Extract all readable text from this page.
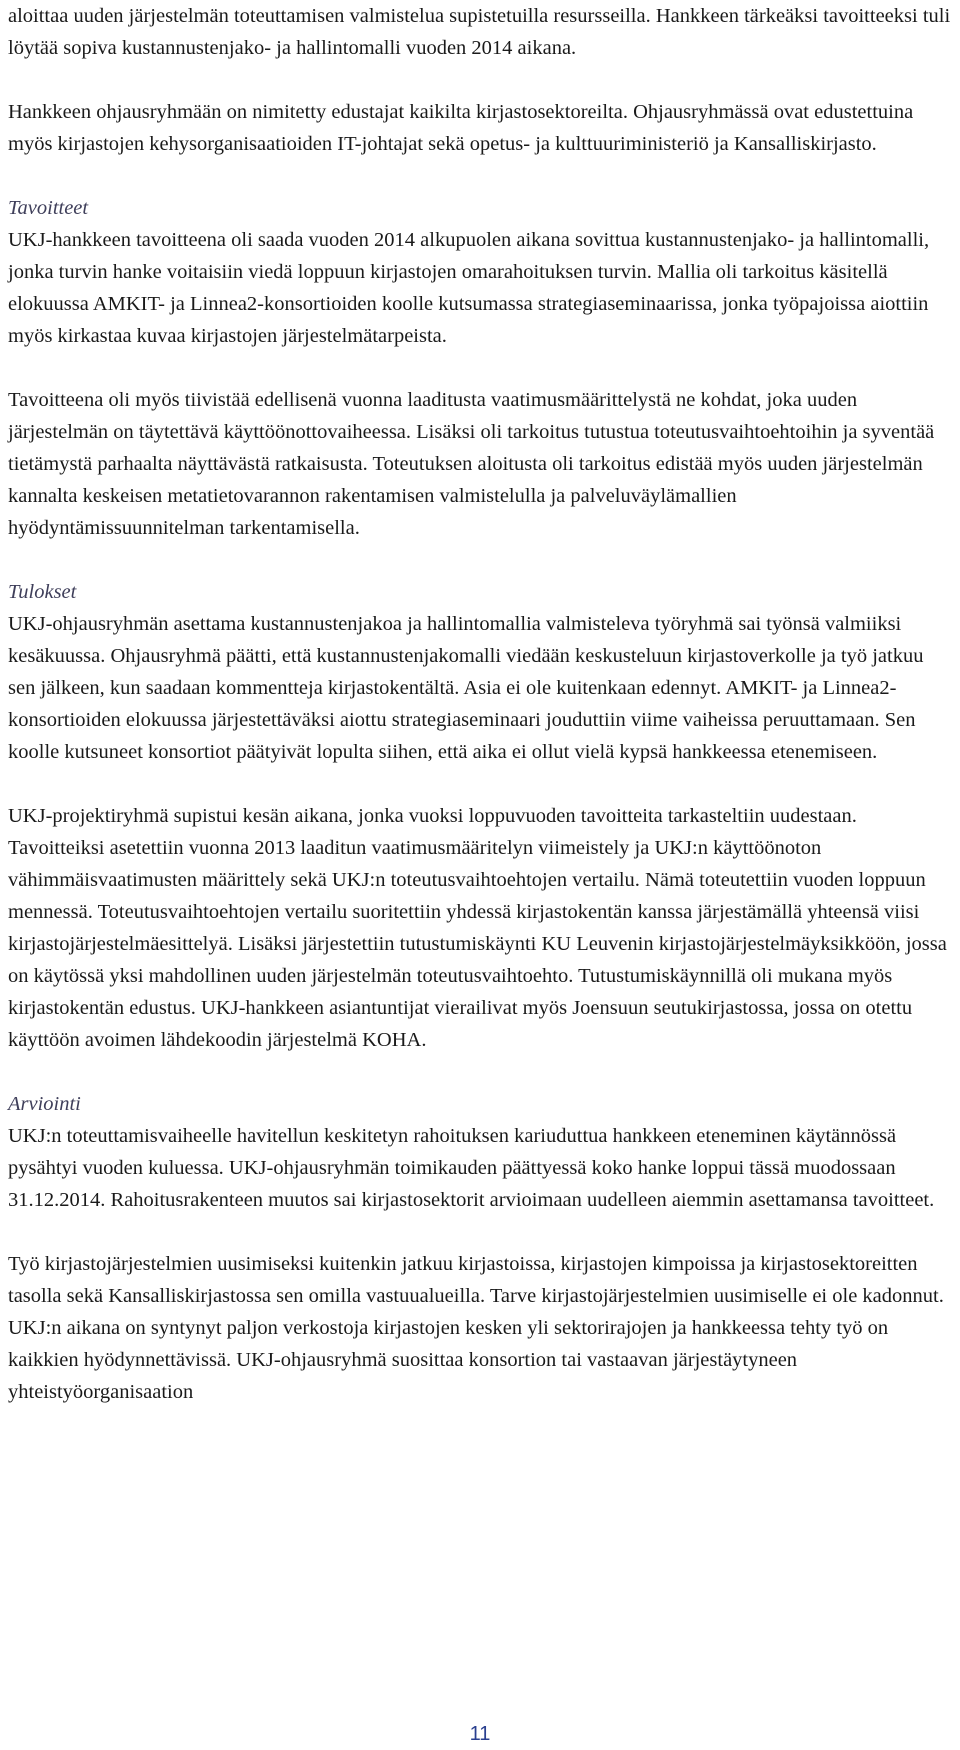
aloittaa uuden järjestelmän toteuttamisen valmistelua supistetuilla resursseilla. Hankkeen tärkeäksi tavoitteeksi tuli löytää sopiva kustannustenjako- ja hallintomalli vuoden 2014 aikana.

Hankkeen ohjausryhmään on nimitetty edustajat kaikilta kirjastosektoreilta. Ohjausryhmässä ovat edustettuina myös kirjastojen kehysorganisaatioiden IT-johtajat sekä opetus- ja kulttuuriministeriö ja Kansalliskirjasto.

Tavoitteet

UKJ-hankkeen tavoitteena oli saada vuoden 2014 alkupuolen aikana sovittua kustannustenjako- ja hallintomalli, jonka turvin hanke voitaisiin viedä loppuun kirjastojen omarahoituksen turvin. Mallia oli tarkoitus käsitellä elokuussa AMKIT- ja Linnea2-konsortioiden koolle kutsumassa strategiaseminaarissa, jonka työpajoissa aiottiin myös kirkastaa kuvaa kirjastojen järjestelmätarpeista.

Tavoitteena oli myös tiivistää edellisenä vuonna laaditusta vaatimusmäärittelystä ne kohdat, joka uuden järjestelmän on täytettävä käyttöönottovaiheessa. Lisäksi oli tarkoitus tutustua toteutusvaihtoehtoihin ja syventää tietämystä parhaalta näyttävästä ratkaisusta. Toteutuksen aloitusta oli tarkoitus edistää myös uuden järjestelmän kannalta keskeisen metatietovarannon rakentamisen valmistelulla ja palveluväylämallien hyödyntämissuunnitelman tarkentamisella.

Tulokset

UKJ-ohjausryhmän asettama kustannustenjakoa ja hallintomallia valmisteleva työryhmä sai työnsä valmiiksi kesäkuussa. Ohjausryhmä päätti, että kustannustenjakomalli viedään keskusteluun kirjastoverkolle ja työ jatkuu sen jälkeen, kun saadaan kommentteja kirjastokentältä. Asia ei ole kuitenkaan edennyt. AMKIT- ja Linnea2-konsortioiden elokuussa järjestettäväksi aiottu strategiaseminaari jouduttiin viime vaiheissa peruuttamaan. Sen koolle kutsuneet konsortiot päätyivät lopulta siihen, että aika ei ollut vielä kypsä hankkeessa etenemiseen.

UKJ-projektiryhmä supistui kesän aikana, jonka vuoksi loppuvuoden tavoitteita tarkasteltiin uudestaan. Tavoitteiksi asetettiin vuonna 2013 laaditun vaatimusmääritelyn viimeistely ja UKJ:n käyttöönoton vähimmäisvaatimusten määrittely sekä UKJ:n toteutusvaihtoehtojen vertailu. Nämä toteutettiin vuoden loppuun mennessä. Toteutusvaihtoehtojen vertailu suoritettiin yhdessä kirjastokentän kanssa järjestämällä yhteensä viisi kirjastojärjestelmäesittelyä. Lisäksi järjestettiin tutustumiskäynti KU Leuvenin kirjastojärjestelmäyksikköön, jossa on käytössä yksi mahdollinen uuden järjestelmän toteutusvaihtoehto. Tutustumiskäynnillä oli mukana myös kirjastokentän edustus. UKJ-hankkeen asiantuntijat vierailivat myös Joensuun seutukirjastossa, jossa on otettu käyttöön avoimen lähdekoodin järjestelmä KOHA.

Arviointi

UKJ:n toteuttamisvaiheelle havitellun keskitetyn rahoituksen kariuduttua hankkeen eteneminen käytännössä pysähtyi vuoden kuluessa. UKJ-ohjausryhmän toimikauden päättyessä koko hanke loppui tässä muodossaan 31.12.2014. Rahoitusrakenteen muutos sai kirjastosektorit arvioimaan uudelleen aiemmin asettamansa tavoitteet.

Työ kirjastojärjestelmien uusimiseksi kuitenkin jatkuu kirjastoissa, kirjastojen kimpoissa ja kirjastosektoreitten tasolla sekä Kansalliskirjastossa sen omilla vastuualueilla. Tarve kirjastojärjestelmien uusimiselle ei ole kadonnut. UKJ:n aikana on syntynyt paljon verkostoja kirjastojen kesken yli sektorirajojen ja hankkeessa tehty työ on kaikkien hyödynnettävissä. UKJ-ohjausryhmä suosittaa konsortion tai vastaavan järjestäytyneen yhteistyöorganisaation

11
